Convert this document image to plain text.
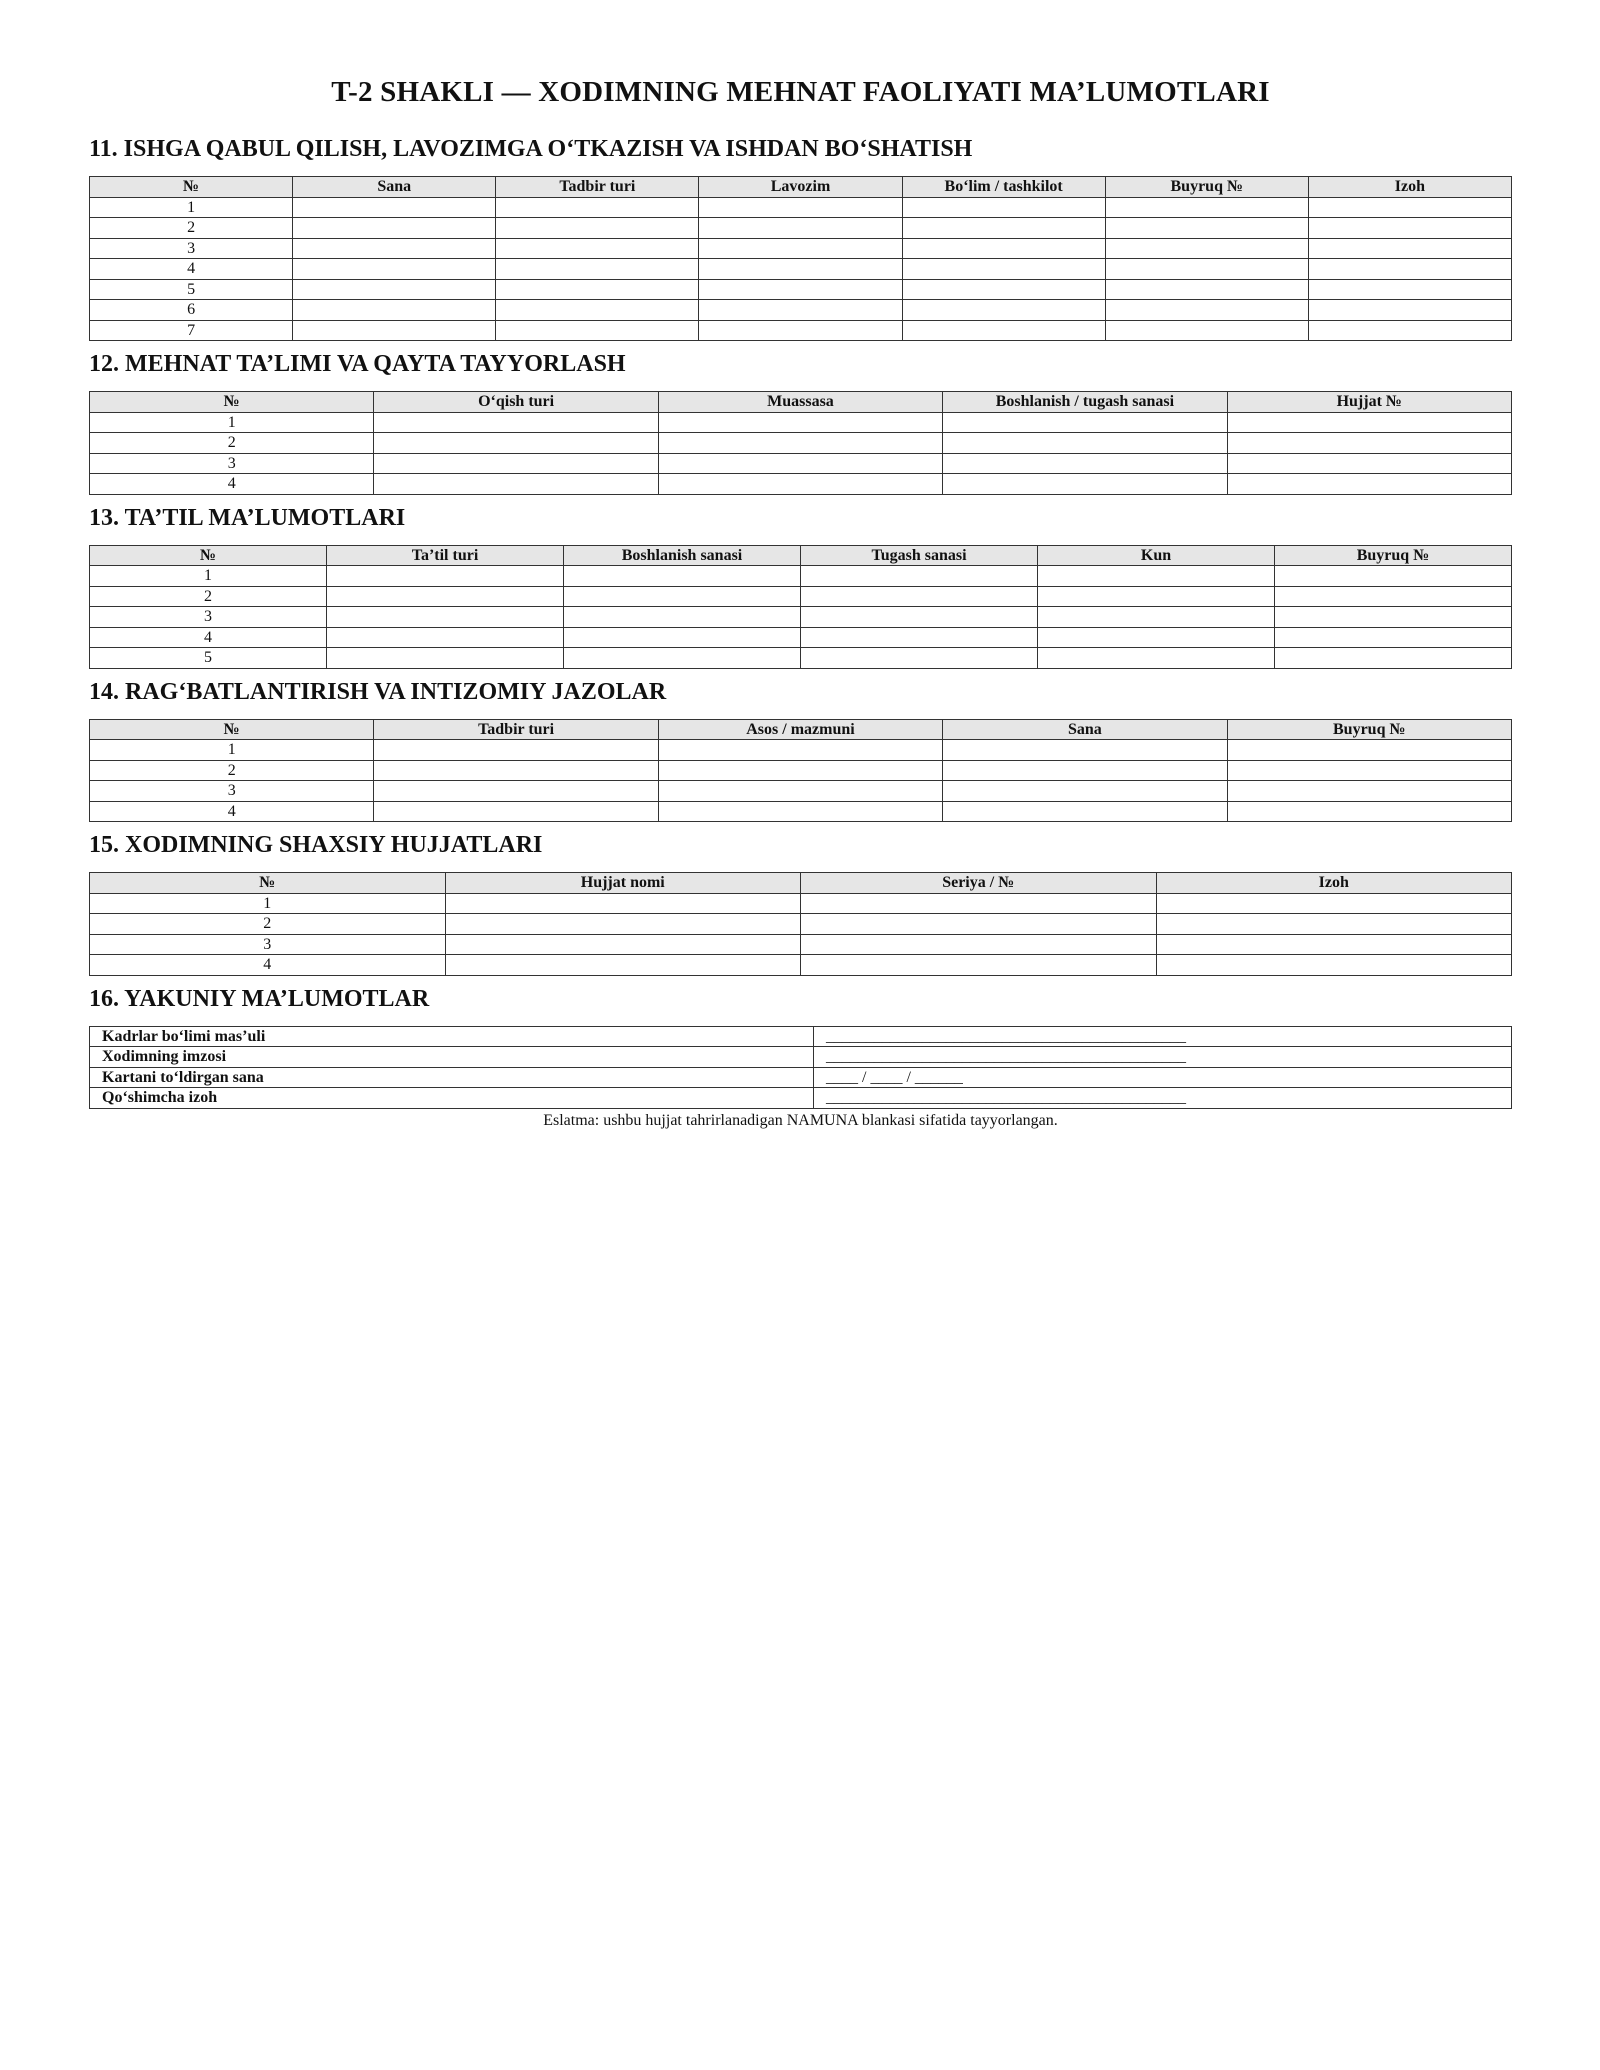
T-2 SHAKLI — XODIMNING MEHNAT FAOLIYATI MA’LUMOTLARI
11. ISHGA QABUL QILISH, LAVOZIMGA O‘TKAZISH VA ISHDAN BO‘SHATISH
№	Sana	Tadbir turi	Lavozim	Bo‘lim / tashkilot	Buyruq №	Izoh
1						
2						
3						
4						
5						
6						
7						
12. MEHNAT TA’LIMI VA QAYTA TAYYORLASH
№	O‘qish turi	Muassasa	Boshlanish / tugash sanasi	Hujjat №
1				
2				
3				
4				
13. TA’TIL MA’LUMOTLARI
№	Ta’til turi	Boshlanish sanasi	Tugash sanasi	Kun	Buyruq №
1					
2					
3					
4					
5					
14. RAG‘BATLANTIRISH VA INTIZOMIY JAZOLAR
№	Tadbir turi	Asos / mazmuni	Sana	Buyruq №
1				
2				
3				
4				
15. XODIMNING SHAXSIY HUJJATLARI
№	Hujjat nomi	Seriya / №	Izoh
1			
2			
3			
4			
16. YAKUNIY MA’LUMOTLAR
Kadrlar bo‘limi mas’uli	_____________________________________________
Xodimning imzosi	_____________________________________________
Kartani to‘ldirgan sana	____ / ____ / ______
Qo‘shimcha izoh	_____________________________________________
Eslatma: ushbu hujjat tahrirlanadigan NAMUNA blankasi sifatida tayyorlangan.
